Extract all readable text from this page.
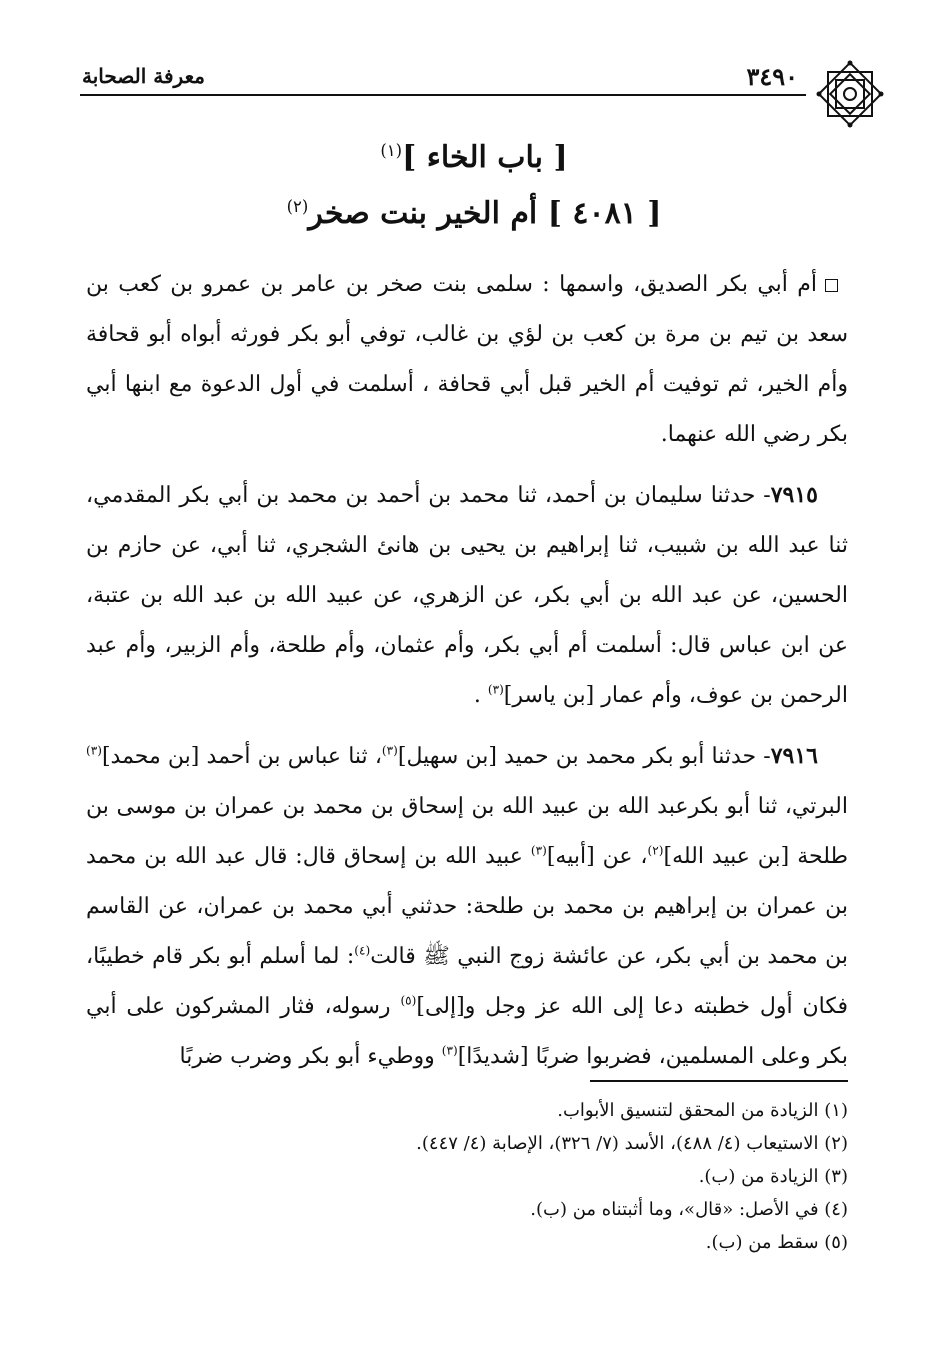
٣٤٩٠
معرفة الصحابة
[ باب الخاء ]$^{(١)}$
[ ٤٠٨١ ] أم الخير بنت صخر$^{(٢)}$

أم أبي بكر الصديق، واسمها : سلمى بنت صخر بن عامر بن عمرو بن كعب بن سعد بن تيم بن مرة بن كعب بن لؤي بن غالب، توفي أبو بكر فورثه أبواه أبو قحافة وأم الخير، ثم توفيت أم الخير قبل أبي قحافة ، أسلمت في أول الدعوة مع ابنها أبي بكر رضي الله عنهما.

٧٩١٥- حدثنا سليمان بن أحمد، ثنا محمد بن أحمد بن محمد بن أبي بكر المقدمي، ثنا عبد الله بن شبيب، ثنا إبراهيم بن يحيى بن هانئ الشجري، ثنا أبي، عن حازم بن الحسين، عن عبد الله بن أبي بكر، عن الزهري، عن عبيد الله بن عبد الله بن عتبة، عن ابن عباس قال: أسلمت أم أبي بكر، وأم عثمان، وأم طلحة، وأم الزبير، وأم عبد الرحمن بن عوف، وأم عمار [بن ياسر]$^{(٣)}$ .

٧٩١٦- حدثنا أبو بكر محمد بن حميد [بن سهيل]$^{(٣)}$، ثنا عباس بن أحمد [بن محمد]$^{(٣)}$ البرتي، ثنا أبو بكرعبد الله بن عبيد الله بن إسحاق بن محمد بن عمران بن موسى بن طلحة [بن عبيد الله]$^{(٢)}$، عن [أبيه]$^{(٣)}$ عبيد الله بن إسحاق قال: قال عبد الله بن محمد بن عمران بن إبراهيم بن محمد بن طلحة: حدثني أبي محمد بن عمران، عن القاسم بن محمد بن أبي بكر، عن عائشة زوج النبي ﷺ قالت$^{(٤)}$: لما أسلم أبو بكر قام خطيبًا، فكان أول خطبته دعا إلى الله عز وجل و[إلى]$^{(٥)}$ رسوله، فثار المشركون على أبي بكر وعلى المسلمين، فضربوا ضربًا [شديدًا]$^{(٣)}$ ووطيء أبو بكر وضرب ضربًا

(١) الزيادة من المحقق لتنسيق الأبواب.

(٢) الاستيعاب (٤/ ٤٨٨)، الأسد (٧/ ٣٢٦)، الإصابة (٤/ ٤٤٧).

(٣) الزيادة من (ب).

(٤) في الأصل: «قال»، وما أثبتناه من (ب).

(٥) سقط من (ب).
